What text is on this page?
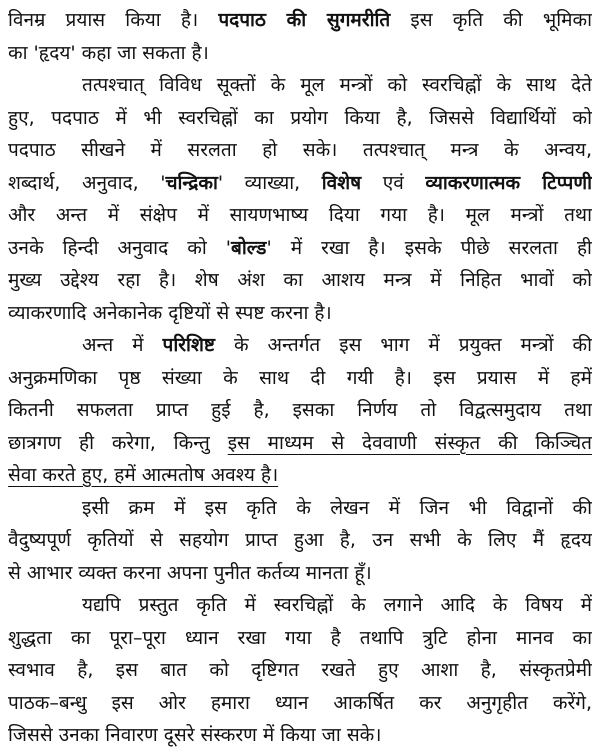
विनम्र प्रयास किया है। पदपाठ की सुगमरीति इस कृति की भूमिका
का 'हृदय' कहा जा सकता है।

तत्पश्चात् विविध सूक्तों के मूल मन्त्रों को स्वरचिह्नों के साथ देते
हुए, पदपाठ में भी स्वरचिह्नों का प्रयोग किया है, जिससे विद्यार्थियों को
पदपाठ सीखने में सरलता हो सके। तत्पश्चात् मन्त्र के अन्वय,
शब्दार्थ, अनुवाद, 'चन्द्रिका' व्याख्या, विशेष एवं व्याकरणात्मक टिप्पणी
और अन्त में संक्षेप में सायणभाष्य दिया गया है। मूल मन्त्रों तथा
उनके हिन्दी अनुवाद को 'बोल्ड' में रखा है। इसके पीछे सरलता ही
मुख्य उद्देश्य रहा है। शेष अंश का आशय मन्त्र में निहित भावों को
व्याकरणादि अनेकानेक दृष्टियों से स्पष्ट करना है।

अन्त में परिशिष्ट के अन्तर्गत इस भाग में प्रयुक्त मन्त्रों की
अनुक्रमणिका पृष्ठ संख्या के साथ दी गयी है। इस प्रयास में हमें
कितनी सफलता प्राप्त हुई है, इसका निर्णय तो विद्वत्समुदाय तथा
छात्रगण ही करेगा, किन्तु इस माध्यम से देववाणी संस्कृत की किञ्चित
सेवा करते हुए, हमें आत्मतोष अवश्य है।

इसी क्रम में इस कृति के लेखन में जिन भी विद्वानों की
वैदुष्यपूर्ण कृतियों से सहयोग प्राप्त हुआ है, उन सभी के लिए मैं हृदय
से आभार व्यक्त करना अपना पुनीत कर्तव्य मानता हूँ।

यद्यपि प्रस्तुत कृति में स्वरचिह्नों के लगाने आदि के विषय में
शुद्धता का पूरा–पूरा ध्यान रखा गया है तथापि त्रुटि होना मानव का
स्वभाव है, इस बात को दृष्टिगत रखते हुए आशा है, संस्कृतप्रेमी
पाठक–बन्धु इस ओर हमारा ध्यान आकर्षित कर अनुगृहीत करेंगे,
जिससे उनका निवारण दूसरे संस्करण में किया जा सके।
